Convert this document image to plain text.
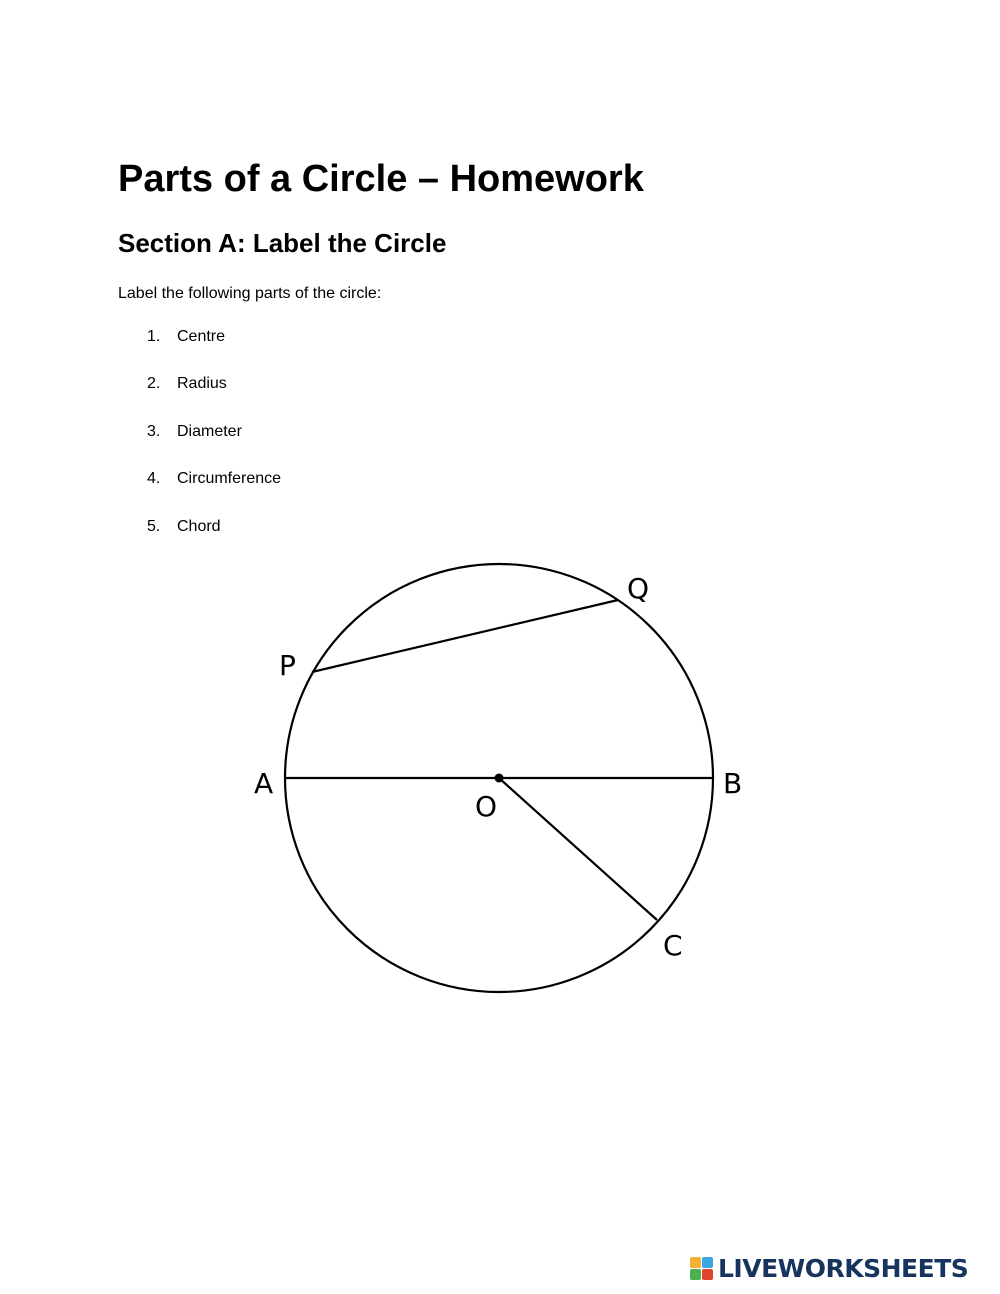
Parts of a Circle – Homework
Section A: Label the Circle

Label the following parts of the circle:

1. Centre
2. Radius
3. Diameter
4. Circumference
5. Chord
P
Q
A	B
O
C
LIVEWORKSHEETS
